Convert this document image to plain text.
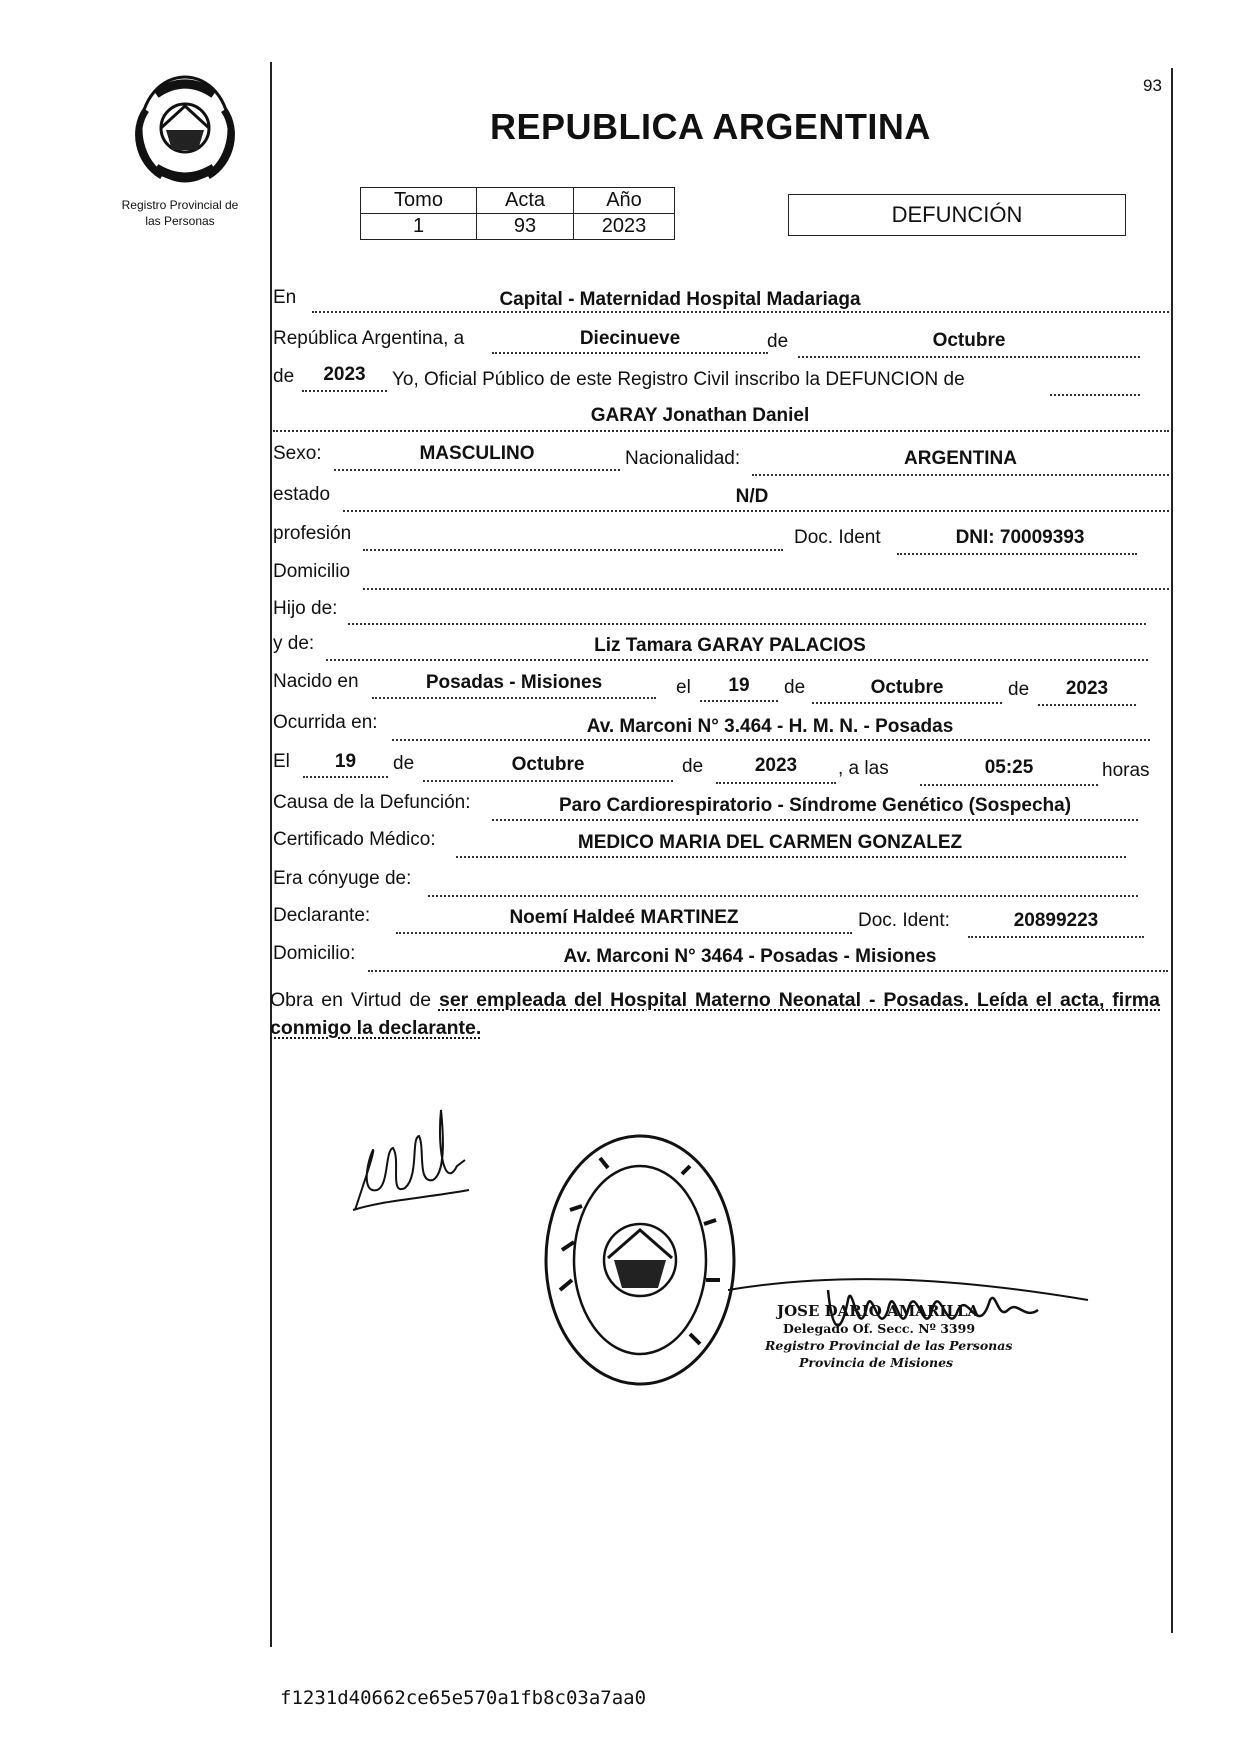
93
Registro Provincial de
las Personas
REPUBLICA ARGENTINA
Tomo	Acta	Año
1	93	2023	DEFUNCIÓN
En	Capital - Maternidad Hospital Madariaga
República Argentina, a	Diecinueve	de	Octubre
de	2023	Yo, Oficial Público de este Registro Civil inscribo la DEFUNCION de
GARAY Jonathan Daniel
Sexo:	MASCULINO	Nacionalidad:	ARGENTINA
estado	N/D
profesión	Doc. Ident	DNI: 70009393
Domicilio
Hijo de:
y de:	Liz Tamara GARAY PALACIOS
Nacido en	Posadas - Misiones	el	19	de	Octubre	de	2023
Ocurrida en:	Av. Marconi N° 3.464 - H. M. N. - Posadas
El	19	de	Octubre	de	2023	, a las	05:25	horas
Causa de la Defunción:	Paro Cardiorespiratorio - Síndrome Genético (Sospecha)
Certificado Médico:	MEDICO MARIA DEL CARMEN GONZALEZ
Era cónyuge de:
Declarante:	Noemí Haldeé MARTINEZ	Doc. Ident:	20899223
Domicilio:	Av. Marconi N° 3464 - Posadas - Misiones
Obra en Virtud de ser empleada del Hospital Materno Neonatal - Posadas. Leída el acta, firma conmigo la declarante.
JOSE DARIO AMARILLA
Delegado Of. Secc. Nº 3399
Registro Provincial de las Personas
Provincia de Misiones
f1231d40662ce65e570a1fb8c03a7aa0
